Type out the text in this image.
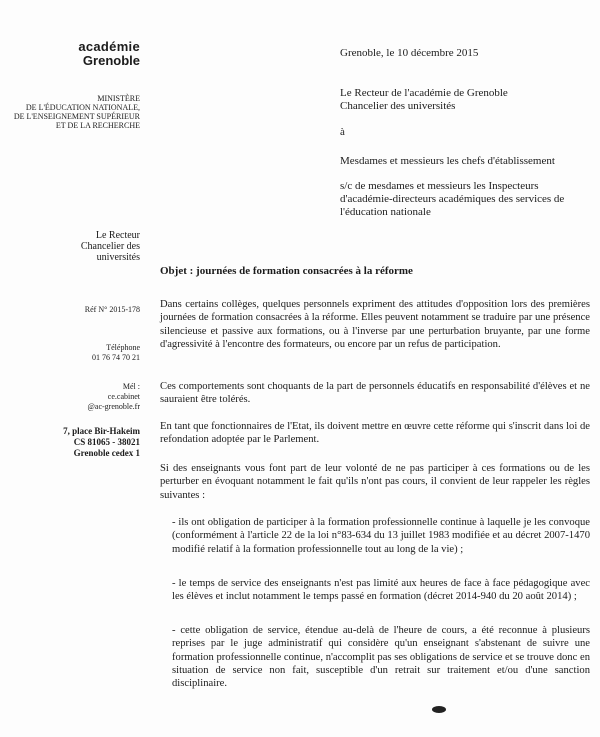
académie
Grenoble
MINISTÈRE
DE L'ÉDUCATION NATIONALE,
DE L'ENSEIGNEMENT SUPÉRIEUR
ET DE LA RECHERCHE
Le Recteur
Chancelier des
universités
Réf N° 2015-178
Téléphone
01 76 74 70 21
Mél :
ce.cabinet
@ac-grenoble.fr
7, place Bir-Hakeim
CS 81065 - 38021
Grenoble cedex 1
Grenoble, le 10 décembre 2015
Le Recteur de l'académie de Grenoble
Chancelier des universités
à
Mesdames et messieurs les chefs d'établissement
s/c de mesdames et messieurs les Inspecteurs d'académie-directeurs académiques des services de l'éducation nationale
Objet : journées de formation consacrées à la réforme

Dans certains collèges, quelques personnels expriment des attitudes d'opposition lors des premières journées de formation consacrées à la réforme. Elles peuvent notamment se traduire par une présence silencieuse et passive aux formations, ou à l'inverse par une perturbation bruyante, par une forme d'agressivité à l'encontre des formateurs, ou encore par un refus de participation.

Ces comportements sont choquants de la part de personnels éducatifs en responsabilité d'élèves et ne sauraient être tolérés.

En tant que fonctionnaires de l'Etat, ils doivent mettre en œuvre cette réforme qui s'inscrit dans loi de refondation adoptée par le Parlement.

Si des enseignants vous font part de leur volonté de ne pas participer à ces formations ou de les perturber en évoquant notamment le fait qu'ils n'ont pas cours, il convient de leur rappeler les règles suivantes :

- ils ont obligation de participer à la formation professionnelle continue à laquelle je les convoque (conformément à l'article 22 de la loi n°83-634 du 13 juillet 1983 modifiée et au décret 2007-1470 modifié relatif à la formation professionnelle tout au long de la vie) ;

- le temps de service des enseignants n'est pas limité aux heures de face à face pédagogique avec les élèves et inclut notamment le temps passé en formation (décret 2014-940 du 20 août 2014) ;

- cette obligation de service, étendue au-delà de l'heure de cours, a été reconnue à plusieurs reprises par le juge administratif qui considère qu'un enseignant s'abstenant de suivre une formation professionnelle continue, n'accomplit pas ses obligations de service et se trouve donc en situation de service non fait, susceptible d'un retrait sur traitement et/ou d'une sanction disciplinaire.
